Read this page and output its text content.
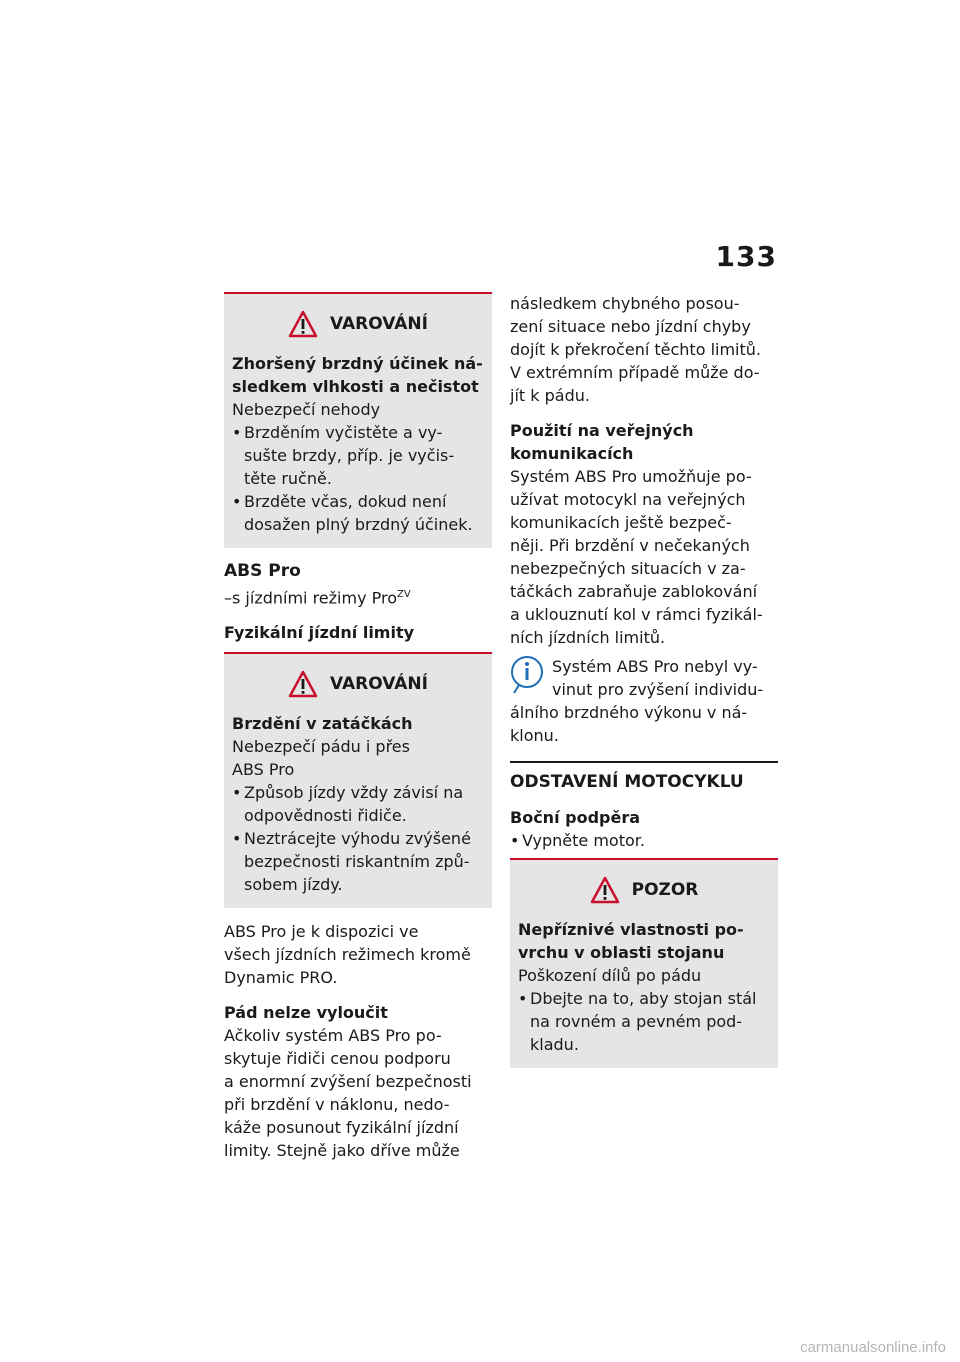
133
VAROVÁNÍ
Zhoršený brzdný účinek ná-
sledkem vlhkosti a nečistot
Nebezpečí nehody
• Brzděním vyčistěte a vy-
sušte brzdy, příp. je vyčis-
těte ručně.
• Brzděte včas, dokud není
dosažen plný brzdný účinek.
ABS Pro
–s jízdními režimy Pro$^{ZV}$
Fyzikální jízdní limity
VAROVÁNÍ
Brzdění v zatáčkách
Nebezpečí pádu i přes
ABS Pro
• Způsob jízdy vždy závisí na
odpovědnosti řidiče.
• Neztrácejte výhodu zvýšené
bezpečnosti riskantním způ-
sobem jízdy.
ABS Pro je k dispozici ve
všech jízdních režimech kromě
Dynamic PRO.
Pád nelze vyloučit
Ačkoliv systém ABS Pro po-
skytuje řidiči cenou podporu
a enormní zvýšení bezpečnosti
při brzdění v náklonu, nedo-
káže posunout fyzikální jízdní
limity. Stejně jako dříve může
následkem chybného posou-
zení situace nebo jízdní chyby
dojít k překročení těchto limitů.
V extrémním případě může do-
jít k pádu.
Použití na veřejných
komunikacích
Systém ABS Pro umožňuje po-
užívat motocykl na veřejných
komunikacích ještě bezpeč-
něji. Při brzdění v nečekaných
nebezpečných situacích v za-
táčkách zabraňuje zablokování
a uklouznutí kol v rámci fyzikál-
ních jízdních limitů.
Systém ABS Pro nebyl vy-
vinut pro zvýšení individu-
álního brzdného výkonu v ná-
klonu.
ODSTAVENÍ MOTOCYKLU
Boční podpěra
• Vypněte motor.
POZOR
Nepříznivé vlastnosti po-
vrchu v oblasti stojanu
Poškození dílů po pádu
• Dbejte na to, aby stojan stál
na rovném a pevném pod-
kladu.
carmanualsonline.info
